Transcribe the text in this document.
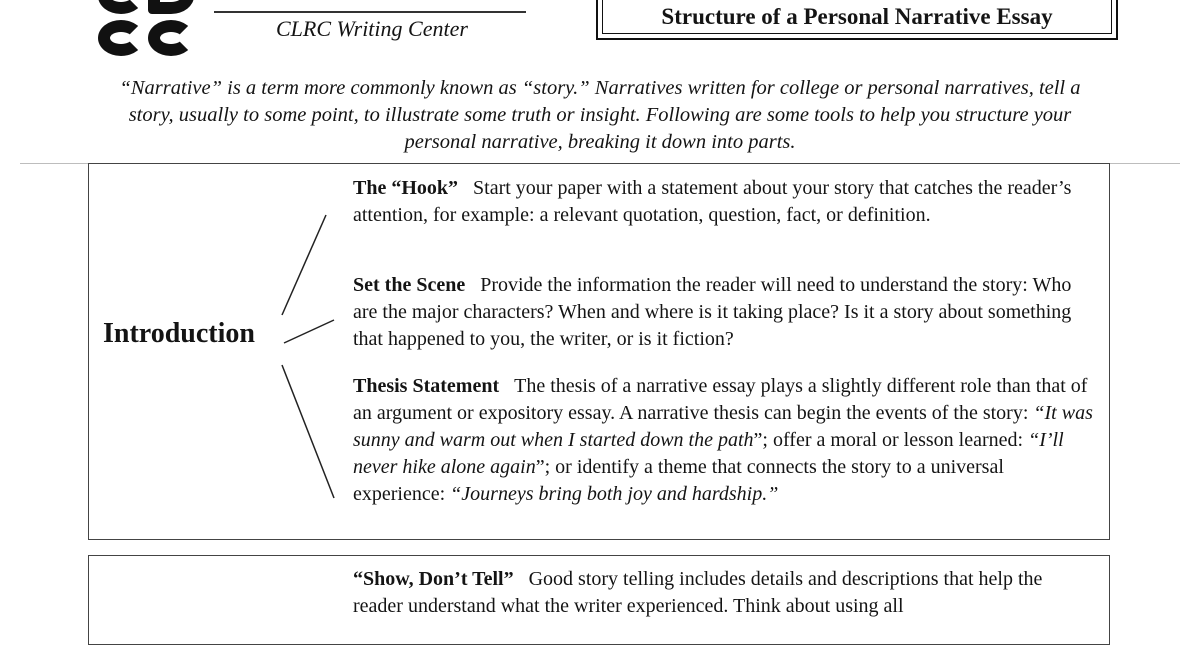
CLRC Writing Center	Structure of a Personal Narrative Essay

“Narrative” is a term more commonly known as “story.” Narratives written for college or personal narratives, tell a story, usually to some point, to illustrate some truth or insight. Following are some tools to help you structure your personal narrative, breaking it down into parts.

Introduction
The “Hook” Start your paper with a statement about your story that catches the reader’s attention, for example: a relevant quotation, question, fact, or definition.
Set the Scene Provide the information the reader will need to understand the story: Who are the major characters? When and where is it taking place? Is it a story about something that happened to you, the writer, or is it fiction?
Thesis Statement The thesis of a narrative essay plays a slightly different role than that of an argument or expository essay. A narrative thesis can begin the events of the story: “It was sunny and warm out when I started down the path”; offer a moral or lesson learned: “I’ll never hike alone again”; or identify a theme that connects the story to a universal experience: “Journeys bring both joy and hardship.”
“Show, Don’t Tell” Good story telling includes details and descriptions that help the reader understand what the writer experienced. Think about using all
